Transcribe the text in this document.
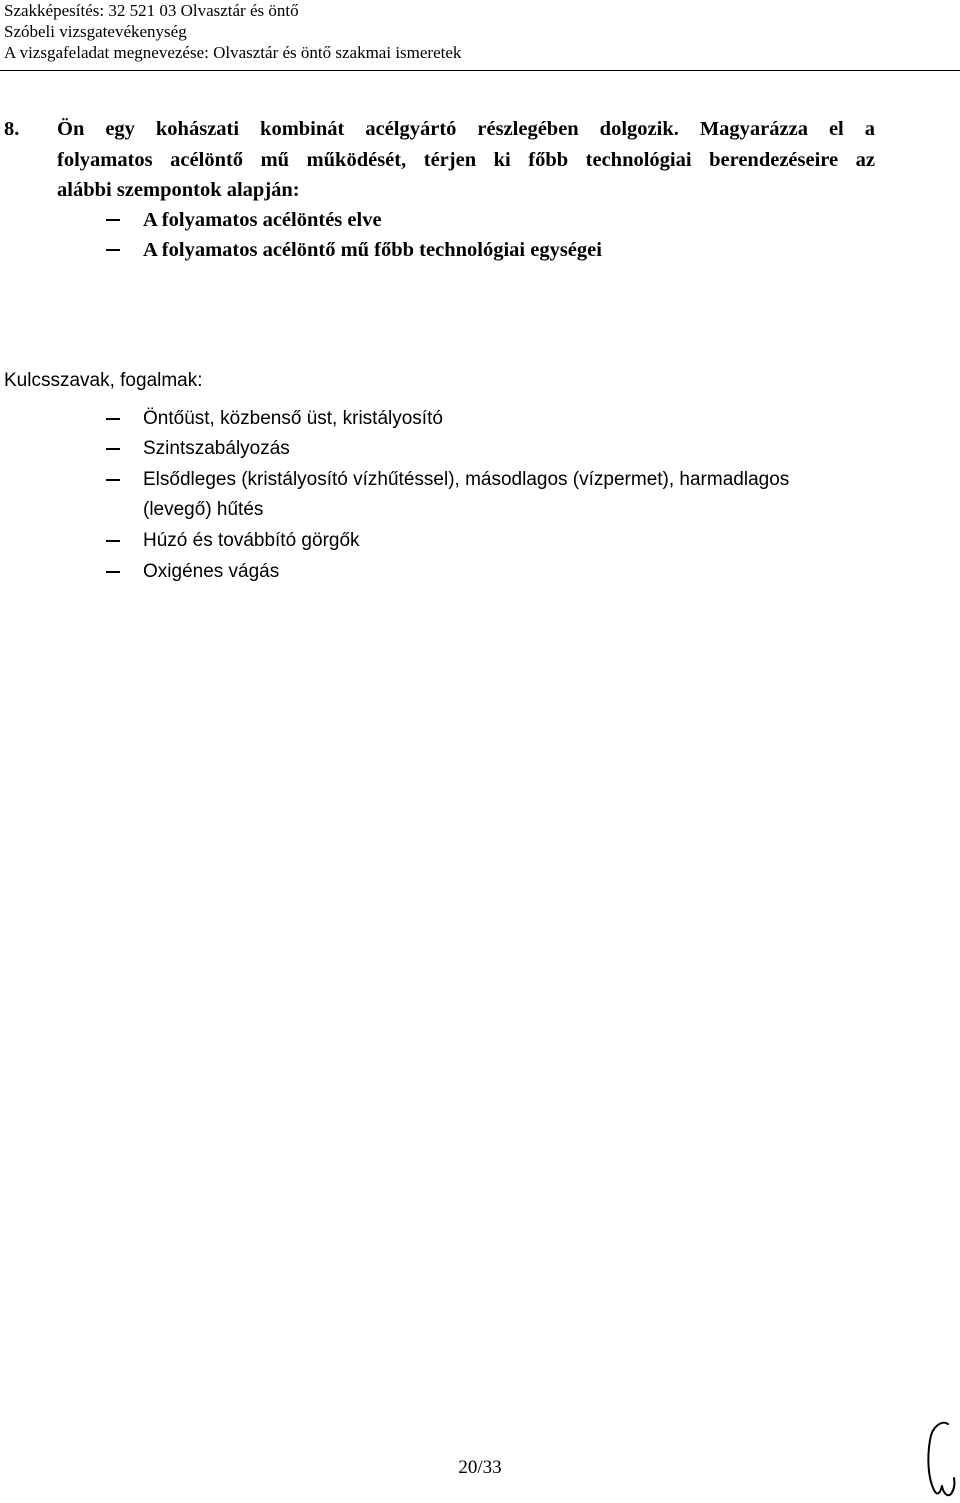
Szakképesítés: 32 521 03 Olvasztár és öntő
Szóbeli vizsgatevékenység
A vizsgafeladat megnevezése: Olvasztár és öntő szakmai ismeretek
8. Ön egy kohászati kombinát acélgyártó részlegében dolgozik. Magyarázza el a
folyamatos acélöntő mű működését, térjen ki főbb technológiai berendezéseire az
alábbi szempontok alapján:
A folyamatos acélöntés elve
A folyamatos acélöntő mű főbb technológiai egységei
Kulcsszavak, fogalmak:
Öntőüst, közbenső üst, kristályosító
Szintszabályozás
Elsődleges (kristályosító vízhűtéssel), másodlagos (vízpermet), harmadlagos
(levegő) hűtés
Húzó és továbbító görgők
Oxigénes vágás
20/33
